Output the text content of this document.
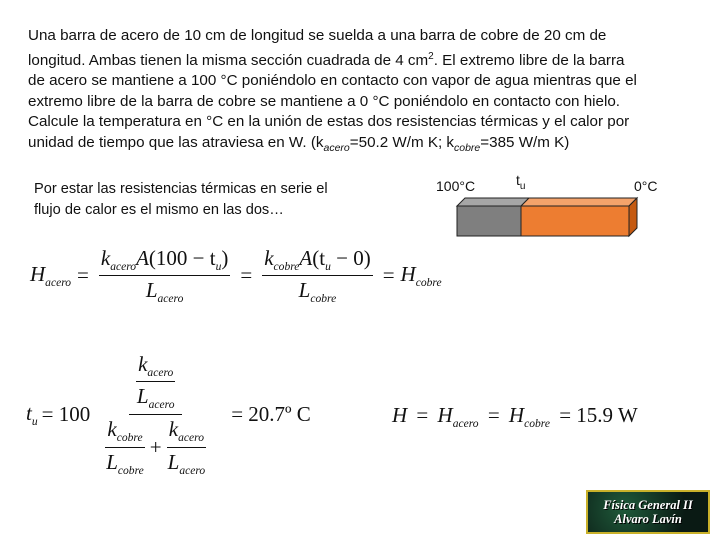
Una barra de acero de 10 cm de longitud se suelda a una barra de cobre de 20 cm de
longitud. Ambas tienen la misma sección cuadrada de 4 $cm^2$. El extremo libre de la barra
de acero se mantiene a 100 °C poniéndolo en contacto con vapor de agua mientras que el
extremo libre de la barra de cobre se mantiene a 0 °C poniéndolo en contacto con hielo.
Calcule la temperatura en °C en la unión de estas dos resistencias térmicas y el calor por
unidad de tiempo que las atraviesa en W. ($k_{acero}=50.2$ W/m K; $k_{cobre}=385$ W/m K)
Por estar las resistencias térmicas en serie el
flujo de calor es el mismo en las dos…
100°C	$t_u$	0°C
$H_{acero} = \frac{k_{acero}A(100 - t_u)}{L_{acero}} = \frac{k_{cobre}A(t_u - 0)}{L_{cobre}} = H_{cobre}$
$t_u = 100$
$\frac{k_{acero}}{L_{acero}}$
$\frac{k_{cobre}}{L_{cobre}} + \frac{k_{acero}}{L_{acero}}$
= 20.7º C	$H = H_{acero} = H_{cobre} = 15.9$ W
Física General II
Alvaro Lavín
